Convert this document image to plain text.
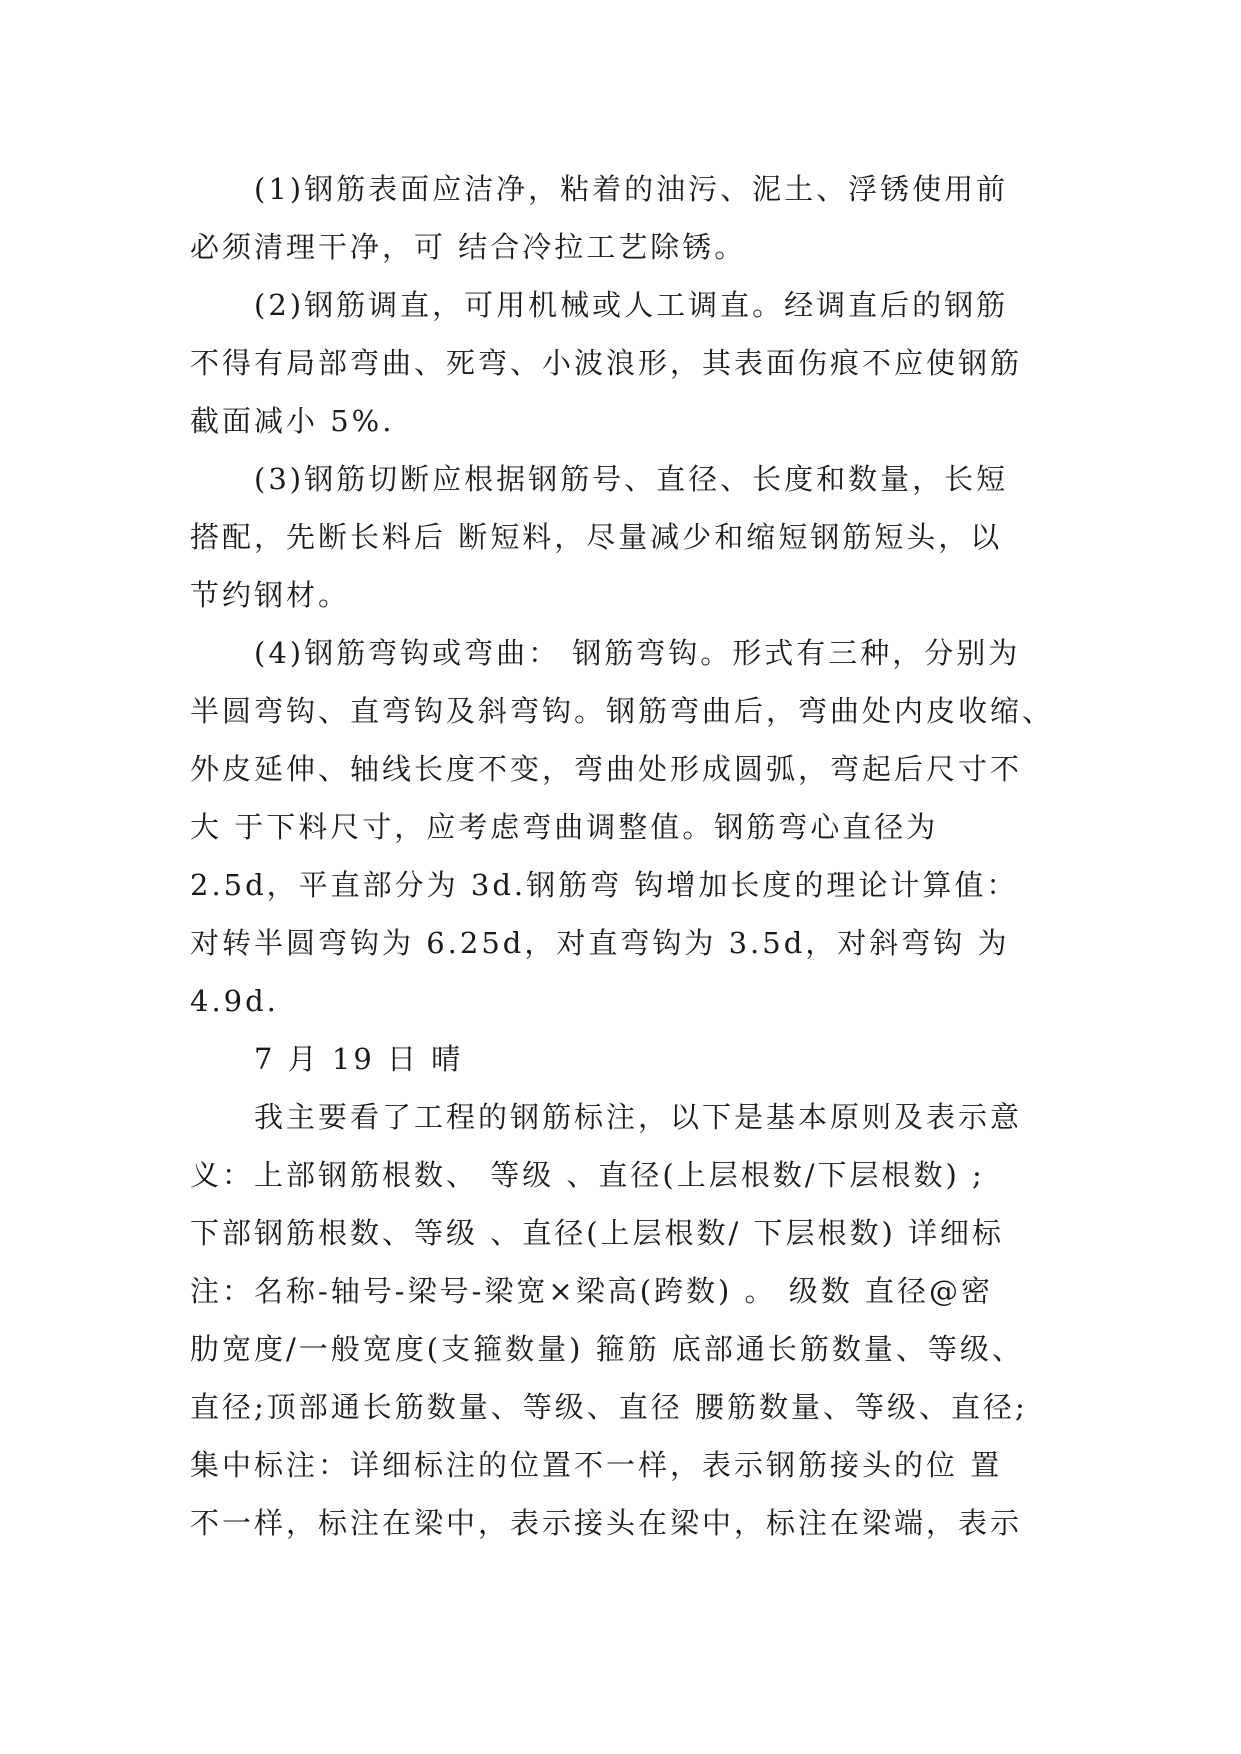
(1)钢筋表面应洁净，粘着的油污、泥土、浮锈使用前
必须清理干净，可 结合冷拉工艺除锈。
(2)钢筋调直，可用机械或人工调直。经调直后的钢筋
不得有局部弯曲、死弯、小波浪形，其表面伤痕不应使钢筋
截面减小 5%.
(3)钢筋切断应根据钢筋号、直径、长度和数量，长短
搭配，先断长料后 断短料，尽量减少和缩短钢筋短头，以
节约钢材。
(4)钢筋弯钩或弯曲： 钢筋弯钩。形式有三种，分别为
半圆弯钩、直弯钩及斜弯钩。钢筋弯曲后，弯曲处内皮收缩、
外皮延伸、轴线长度不变，弯曲处形成圆弧，弯起后尺寸不
大 于下料尺寸，应考虑弯曲调整值。钢筋弯心直径为
2.5d，平直部分为 3d.钢筋弯 钩增加长度的理论计算值：
对转半圆弯钩为 6.25d，对直弯钩为 3.5d，对斜弯钩 为
4.9d.
7 月 19 日 晴
我主要看了工程的钢筋标注，以下是基本原则及表示意
义：上部钢筋根数、 等级 、直径(上层根数/下层根数) ;
下部钢筋根数、等级 、直径(上层根数/ 下层根数) 详细标
注：名称-轴号-梁号-梁宽×梁高(跨数) 。 级数 直径@密
肋宽度/一般宽度(支箍数量) 箍筋 底部通长筋数量、等级、
直径;顶部通长筋数量、等级、直径 腰筋数量、等级、直径;
集中标注：详细标注的位置不一样，表示钢筋接头的位 置
不一样，标注在梁中，表示接头在梁中，标注在梁端，表示
